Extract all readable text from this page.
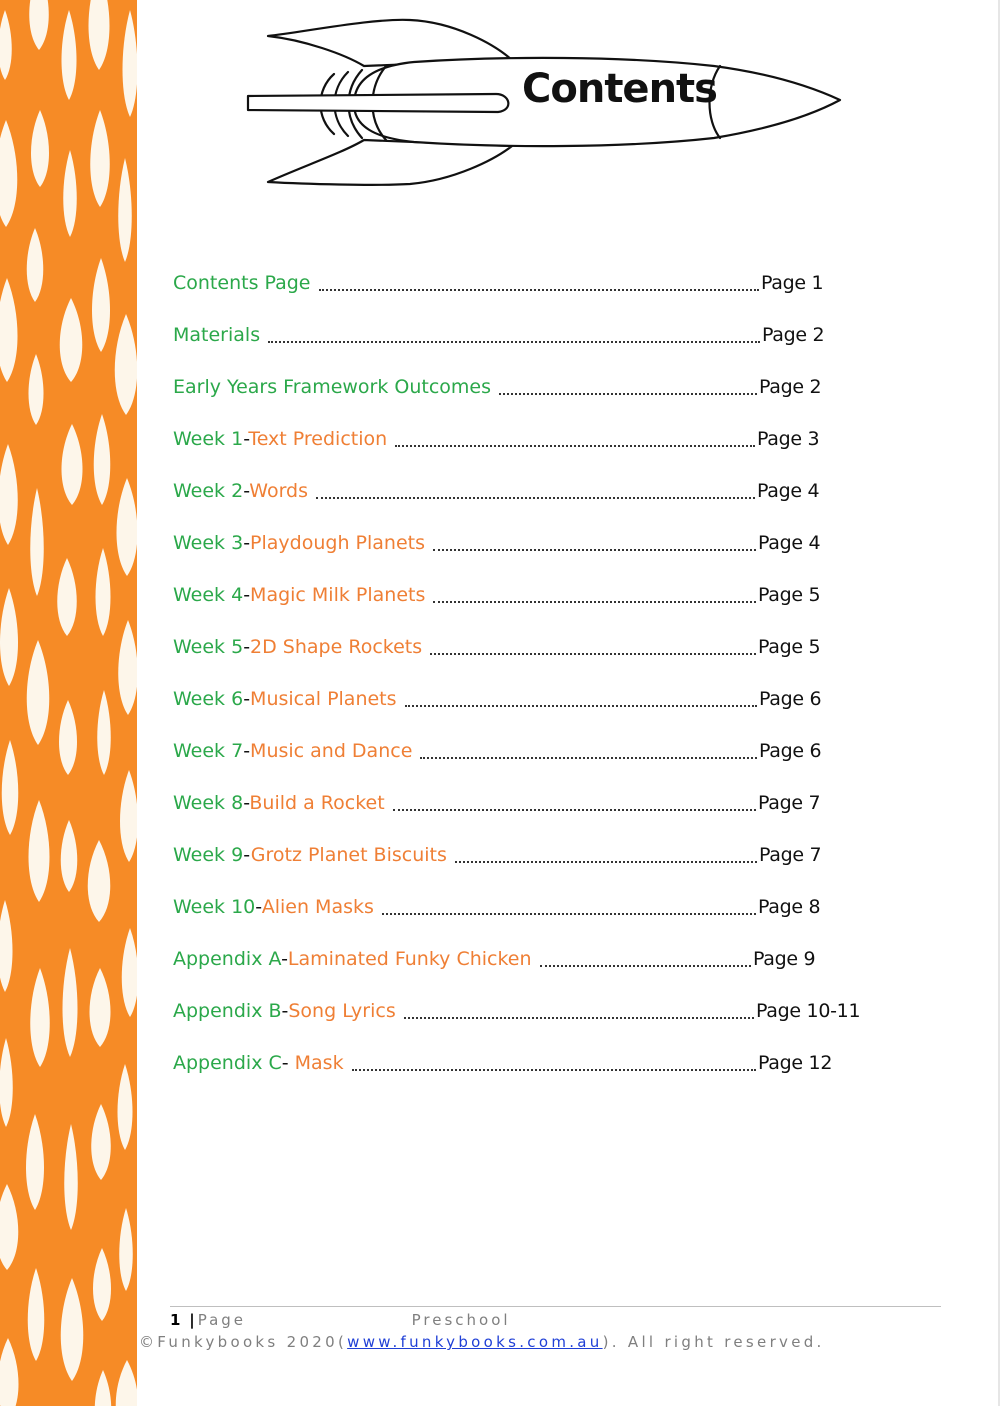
Contents
Contents Page	Page 1
Materials	Page 2
Early Years Framework Outcomes	Page 2
Week 1-Text Prediction	Page 3
Week 2-Words	Page 4
Week 3-Playdough Planets	Page 4
Week 4-Magic Milk Planets	Page 5
Week 5-2D Shape Rockets	Page 5
Week 6-Musical Planets	Page 6
Week 7-Music and Dance	Page 6
Week 8-Build a Rocket	Page 7
Week 9-Grotz Planet Biscuits	Page 7
Week 10-Alien Masks	Page 8
Appendix A-Laminated Funky Chicken	Page 9
Appendix B-Song Lyrics	Page 10-11
Appendix C- Mask	Page 12
1 |Page	Preschool
©Funkybooks 2020(www.funkybooks.com.au). All right reserved.
